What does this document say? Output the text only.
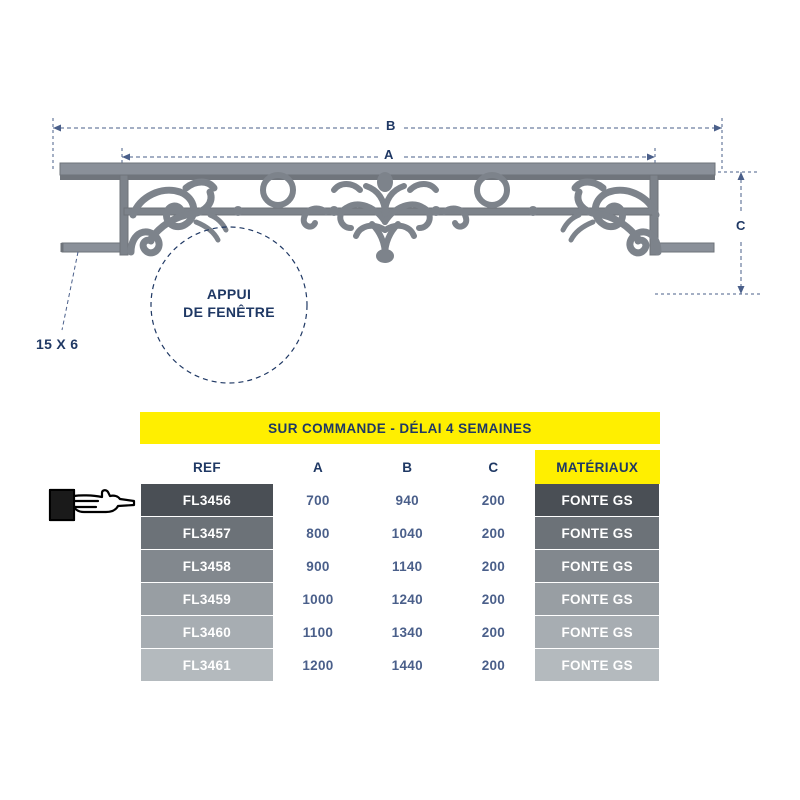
B
A
C
APPUI
DE FENÊTRE
15 X 6
SUR COMMANDE - DÉLAI 4 SEMAINES
REF	A	B	C	MATÉRIAUX
FL3456	700	940	200	FONTE GS
FL3457	800	1040	200	FONTE GS
FL3458	900	1140	200	FONTE GS
FL3459	1000	1240	200	FONTE GS
FL3460	1100	1340	200	FONTE GS
FL3461	1200	1440	200	FONTE GS
